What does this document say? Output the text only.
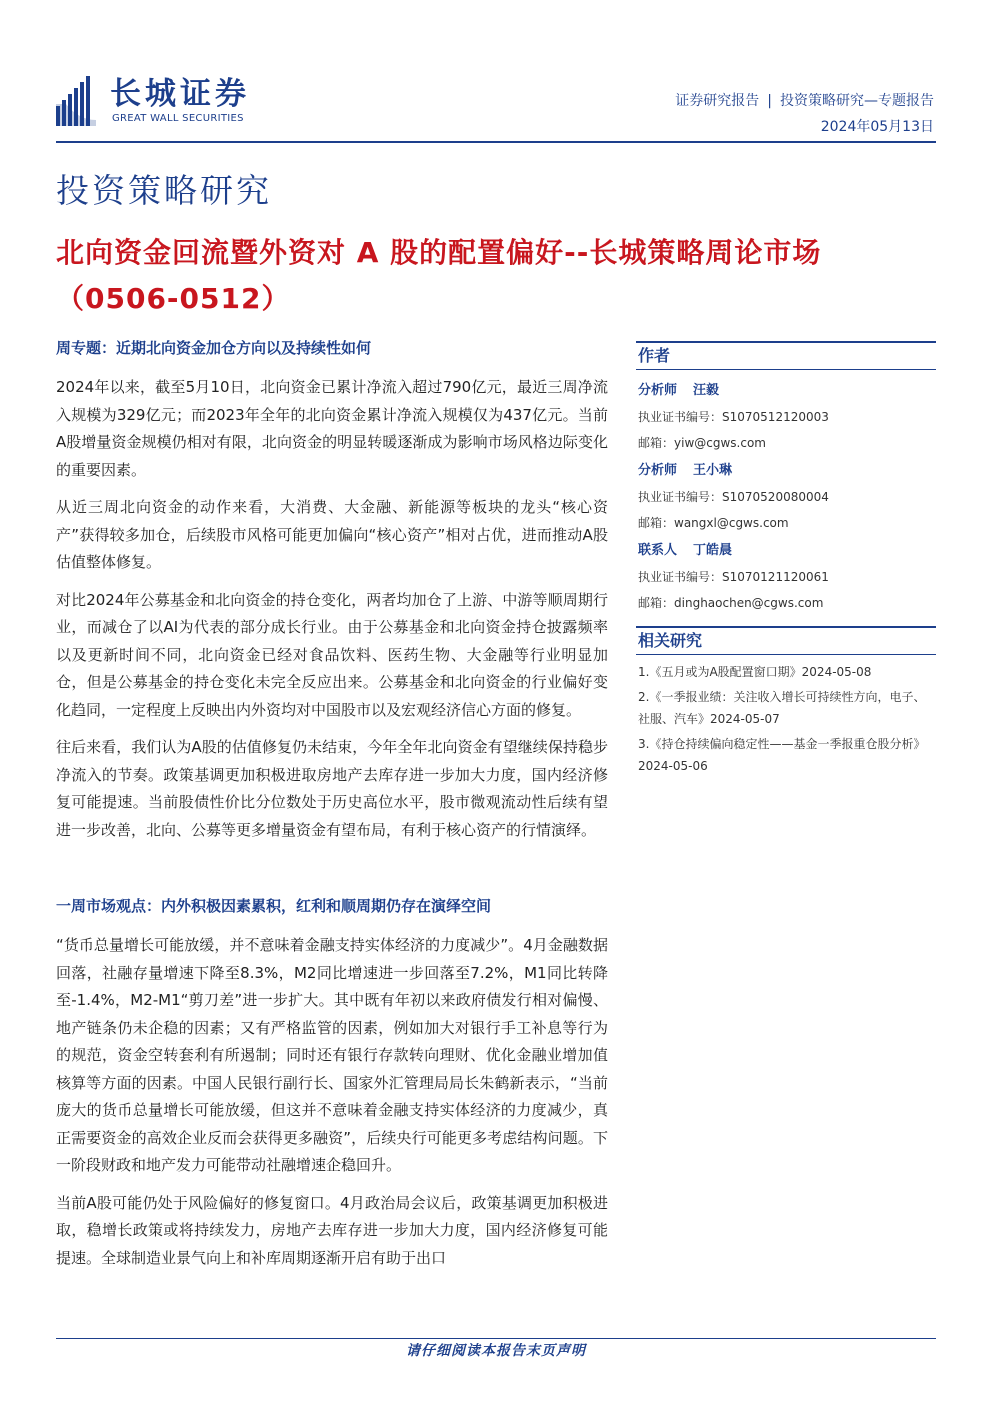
长城证券
GREAT WALL SECURITIES
证券研究报告 | 投资策略研究—专题报告
2024年05月13日
投资策略研究
北向资金回流暨外资对 A 股的配置偏好--长城策略周论市场（0506-0512）

周专题：近期北向资金加仓方向以及持续性如何

2024年以来，截至5月10日，北向资金已累计净流入超过790亿元，最近三周净流入规模为329亿元；而2023年全年的北向资金累计净流入规模仅为437亿元。当前A股增量资金规模仍相对有限，北向资金的明显转暖逐渐成为影响市场风格边际变化的重要因素。

从近三周北向资金的动作来看，大消费、大金融、新能源等板块的龙头“核心资产”获得较多加仓，后续股市风格可能更加偏向“核心资产”相对占优，进而推动A股估值整体修复。

对比2024年公募基金和北向资金的持仓变化，两者均加仓了上游、中游等顺周期行业，而减仓了以AI为代表的部分成长行业。由于公募基金和北向资金持仓披露频率以及更新时间不同，北向资金已经对食品饮料、医药生物、大金融等行业明显加仓，但是公募基金的持仓变化未完全反应出来。公募基金和北向资金的行业偏好变化趋同，一定程度上反映出内外资均对中国股市以及宏观经济信心方面的修复。

往后来看，我们认为A股的估值修复仍未结束，今年全年北向资金有望继续保持稳步净流入的节奏。政策基调更加积极进取房地产去库存进一步加大力度，国内经济修复可能提速。当前股债性价比分位数处于历史高位水平，股市微观流动性后续有望进一步改善，北向、公募等更多增量资金有望布局，有利于核心资产的行情演绎。

一周市场观点：内外积极因素累积，红利和顺周期仍存在演绎空间

“货币总量增长可能放缓，并不意味着金融支持实体经济的力度减少”。4月金融数据回落，社融存量增速下降至8.3%，M2同比增速进一步回落至7.2%，M1同比转降至-1.4%，M2-M1“剪刀差”进一步扩大。其中既有年初以来政府债发行相对偏慢、地产链条仍未企稳的因素；又有严格监管的因素，例如加大对银行手工补息等行为的规范，资金空转套利有所遏制；同时还有银行存款转向理财、优化金融业增加值核算等方面的因素。中国人民银行副行长、国家外汇管理局局长朱鹤新表示，“当前庞大的货币总量增长可能放缓，但这并不意味着金融支持实体经济的力度减少，真正需要资金的高效企业反而会获得更多融资”，后续央行可能更多考虑结构问题。下一阶段财政和地产发力可能带动社融增速企稳回升。

当前A股可能仍处于风险偏好的修复窗口。4月政治局会议后，政策基调更加积极进取，稳增长政策或将持续发力，房地产去库存进一步加大力度，国内经济修复可能提速。全球制造业景气向上和补库周期逐渐开启有助于出口

作者
分析师 汪毅
执业证书编号：S1070512120003
邮箱：yiw@cgws.com
分析师 王小琳
执业证书编号：S1070520080004
邮箱：wangxl@cgws.com
联系人 丁皓晨
执业证书编号：S1070121120061
邮箱：dinghaochen@cgws.com
相关研究
1.《五月或为A股配置窗口期》2024-05-08
2.《一季报业绩：关注收入增长可持续性方向，电子、社服、汽车》2024-05-07
3.《持仓持续偏向稳定性——基金一季报重仓股分析》2024-05-06
请仔细阅读本报告末页声明
